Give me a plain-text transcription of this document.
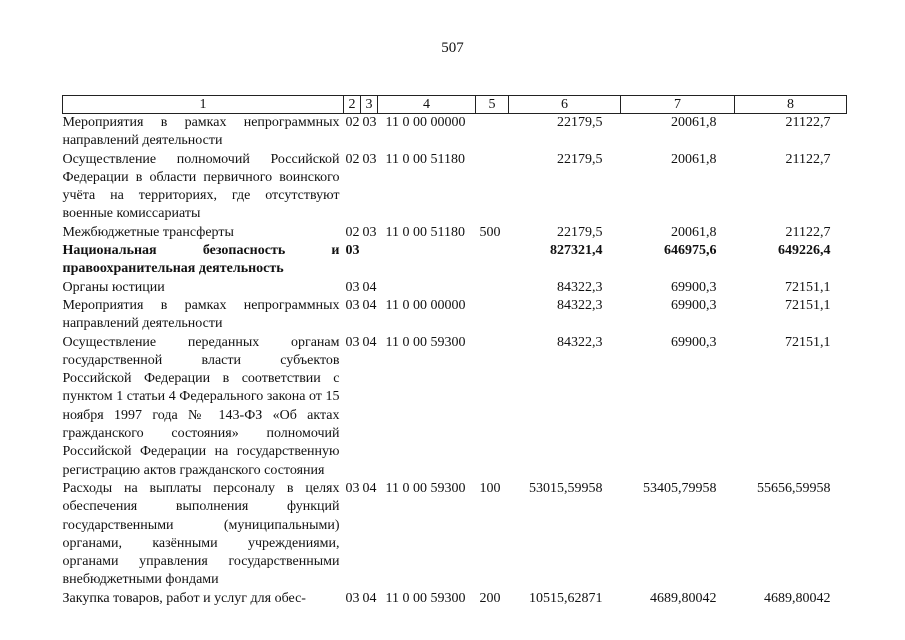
507
1	2	3	4	5	6	7	8
Мероприятия в рамках непрограммных направлений деятельности	02	03	11 0 00 00000		22179,5	20061,8	21122,7
Осуществление полномочий Российской Федерации в области первичного воинского учёта на территориях, где отсутствуют военные комиссариаты	02	03	11 0 00 51180		22179,5	20061,8	21122,7
Межбюджетные трансферты	02	03	11 0 00 51180	500	22179,5	20061,8	21122,7
Национальная безопасность и правоохранительная деятельность	03				827321,4	646975,6	649226,4
Органы юстиции	03	04			84322,3	69900,3	72151,1
Мероприятия в рамках непрограммных направлений деятельности	03	04	11 0 00 00000		84322,3	69900,3	72151,1
Осуществление переданных органам государственной власти субъектов Российской Федерации в соответствии с пунктом 1 статьи 4 Федерального закона от 15 ноября 1997 года № 143-ФЗ «Об актах гражданского состояния» полномочий Российской Федерации на государственную регистрацию актов гражданского состояния	03	04	11 0 00 59300		84322,3	69900,3	72151,1
Расходы на выплаты персоналу в целях обеспечения выполнения функций государственными (муниципальными) органами, казёнными учреждениями, органами управления государственными внебюджетными фондами	03	04	11 0 00 59300	100	53015,59958	53405,79958	55656,59958
Закупка товаров, работ и услуг для обес-	03	04	11 0 00 59300	200	10515,62871	4689,80042	4689,80042
